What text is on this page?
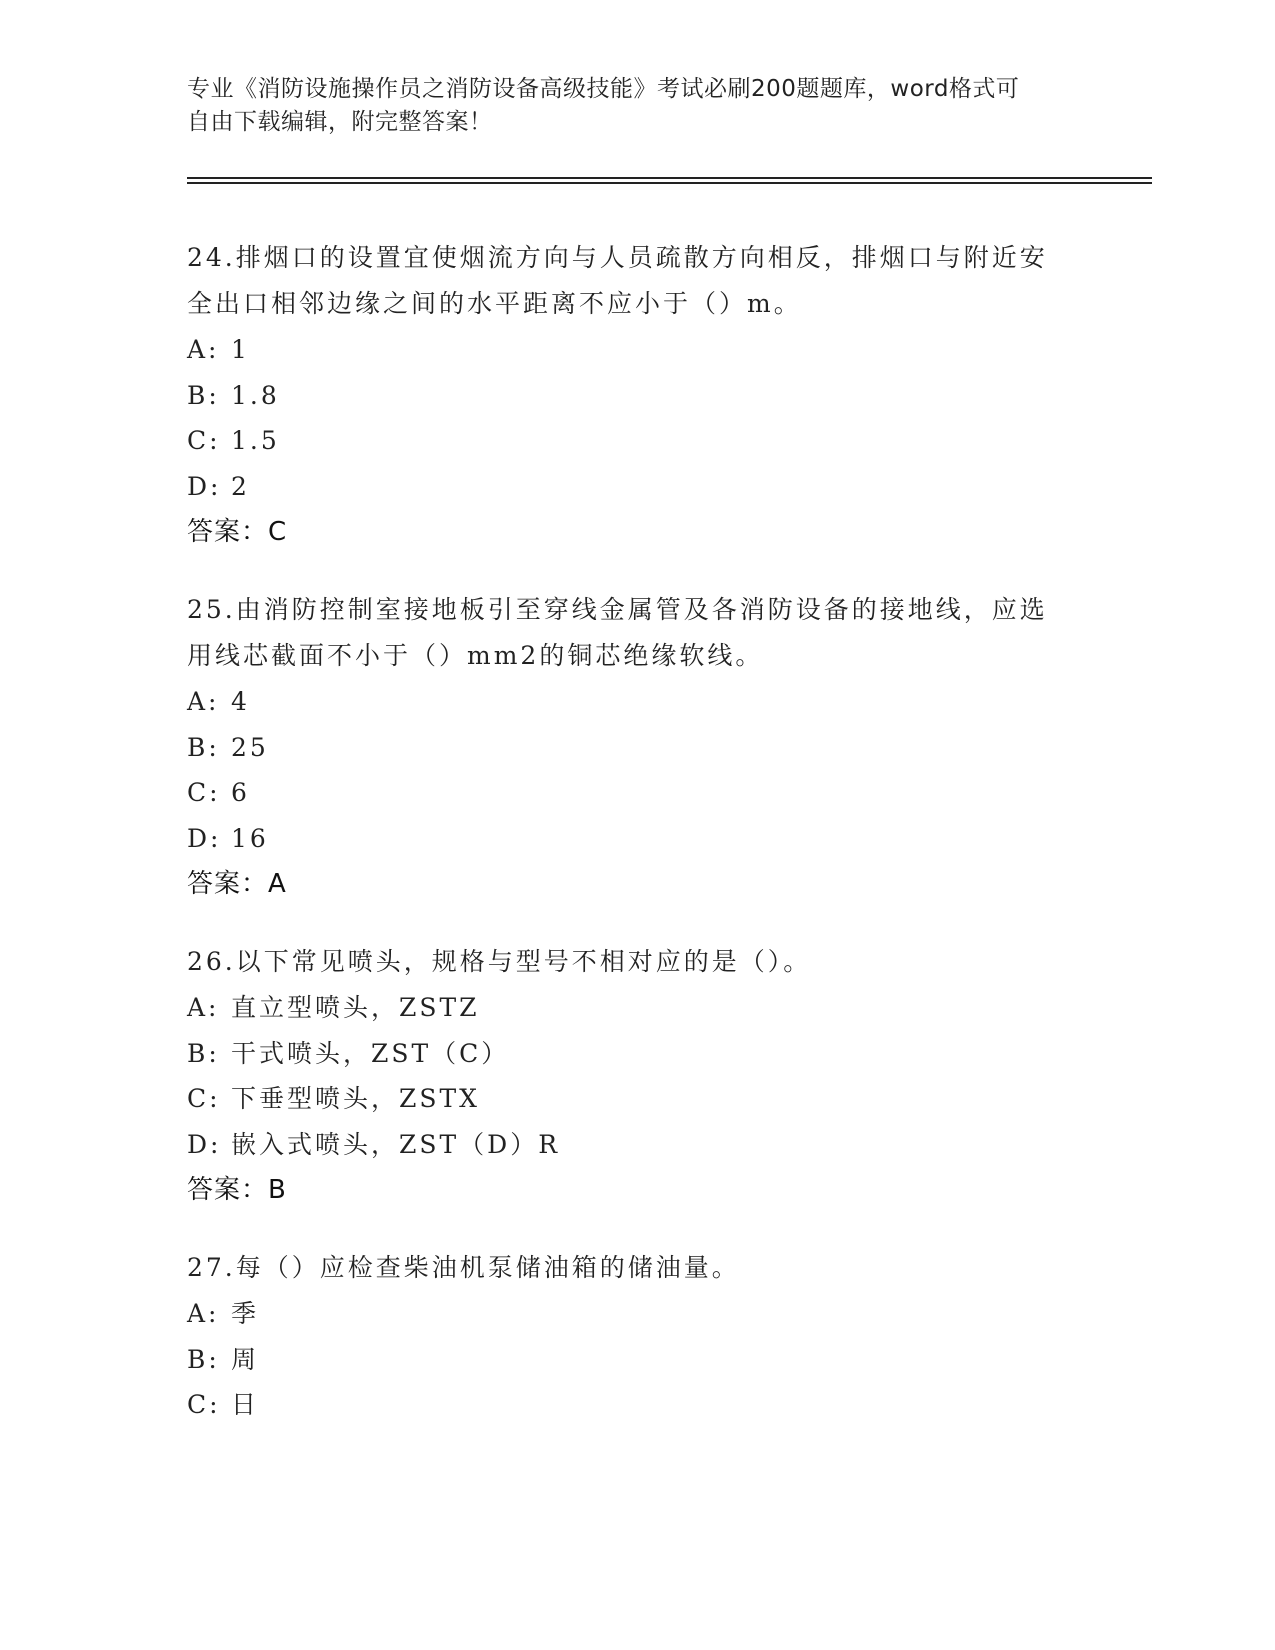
专业《消防设施操作员之消防设备高级技能》考试必刷200题题库，word格式可
自由下载编辑，附完整答案！
24.排烟口的设置宜使烟流方向与人员疏散方向相反，排烟口与附近安
全出口相邻边缘之间的水平距离不应小于（）m。
A: 1
B: 1.8
C: 1.5
D: 2
答案：C
25.由消防控制室接地板引至穿线金属管及各消防设备的接地线，应选
用线芯截面不小于（）mm2的铜芯绝缘软线。
A: 4
B: 25
C: 6
D: 16
答案：A
26.以下常见喷头，规格与型号不相对应的是（）。
A: 直立型喷头，ZSTZ
B: 干式喷头，ZST（C）
C: 下垂型喷头，ZSTX
D: 嵌入式喷头，ZST（D）R
答案：B
27.每（）应检查柴油机泵储油箱的储油量。
A: 季
B: 周
C: 日
